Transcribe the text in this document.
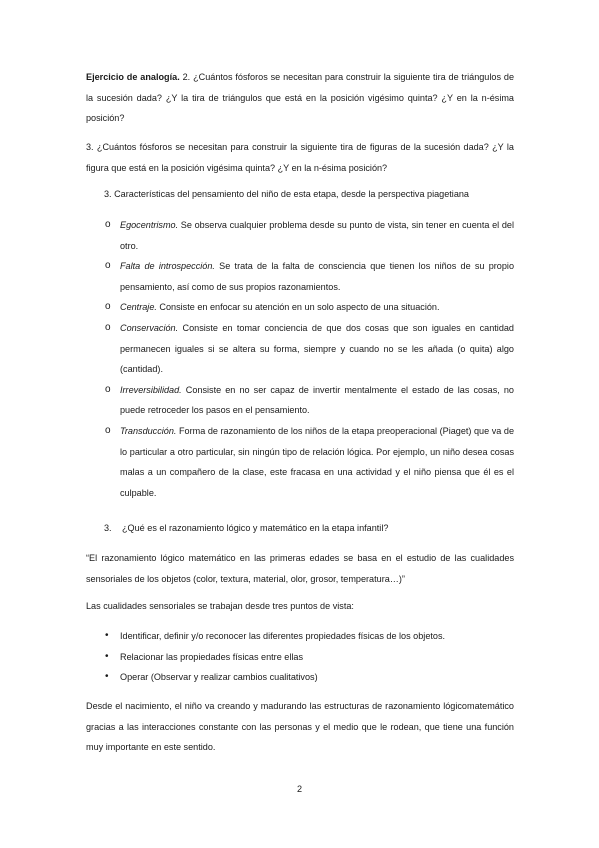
Ejercicio de analogía. 2. ¿Cuántos fósforos se necesitan para construir la siguiente tira de triángulos de la sucesión dada? ¿Y la tira de triángulos que está en la posición vigésimo quinta? ¿Y en la n-ésima posición?

3. ¿Cuántos fósforos se necesitan para construir la siguiente tira de figuras de la sucesión dada? ¿Y la figura que está en la posición vigésima quinta? ¿Y en la n-ésima posición?

3. Características del pensamiento del niño de esta etapa, desde la perspectiva piagetiana

o Egocentrismo. Se observa cualquier problema desde su punto de vista, sin tener en cuenta el del otro.
o Falta de introspección. Se trata de la falta de consciencia que tienen los niños de su propio pensamiento, así como de sus propios razonamientos.
o Centraje. Consiste en enfocar su atención en un solo aspecto de una situación.
o Conservación. Consiste en tomar conciencia de que dos cosas que son iguales en cantidad permanecen iguales si se altera su forma, siempre y cuando no se les añada (o quita) algo (cantidad).
o Irreversibilidad. Consiste en no ser capaz de invertir mentalmente el estado de las cosas, no puede retroceder los pasos en el pensamiento.
o Transducción. Forma de razonamiento de los niños de la etapa preoperacional (Piaget) que va de lo particular a otro particular, sin ningún tipo de relación lógica. Por ejemplo, un niño desea cosas malas a un compañero de la clase, este fracasa en una actividad y el niño piensa que él es el culpable.

3. ¿Qué es el razonamiento lógico y matemático en la etapa infantil?

“El razonamiento lógico matemático en las primeras edades se basa en el estudio de las cualidades sensoriales de los objetos (color, textura, material, olor, grosor, temperatura…)”

Las cualidades sensoriales se trabajan desde tres puntos de vista:

• Identificar, definir y/o reconocer las diferentes propiedades físicas de los objetos.
• Relacionar las propiedades físicas entre ellas
• Operar (Observar y realizar cambios cualitativos)

Desde el nacimiento, el niño va creando y madurando las estructuras de razonamiento lógicomatemático gracias a las interacciones constante con las personas y el medio que le rodean, que tiene una función muy importante en este sentido.

2
